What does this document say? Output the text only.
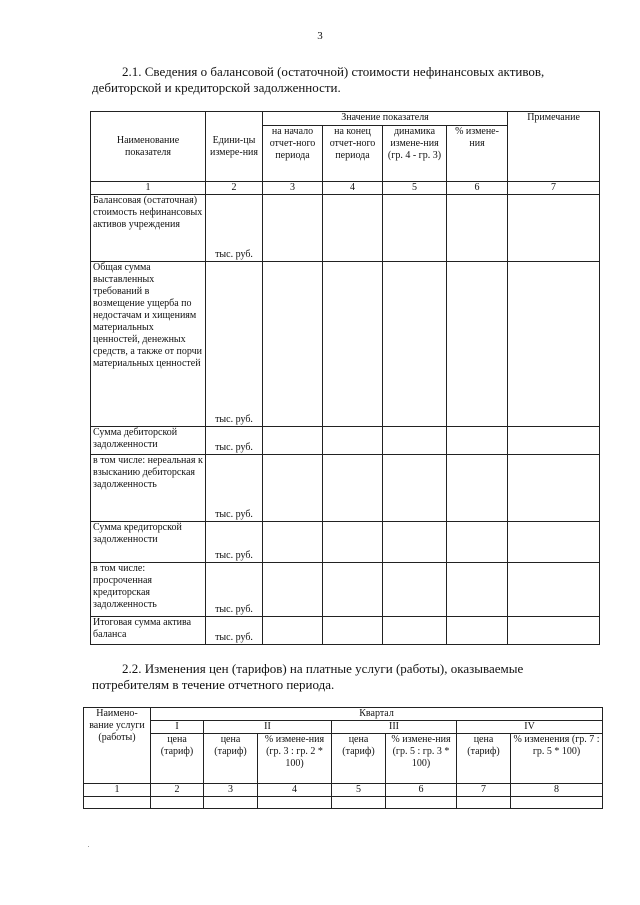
3
2.1. Сведения о балансовой (остаточной) стоимости нефинансовых активов,
дебиторской и кредиторской задолженности.
Наименование показателя	Едини-цы измере-ния	Значение показателя				Примечание
		на начало отчет-ного периода	на конец отчет-ного периода	динамика измене-ния (гр. 4 - гр. 3)	% измене-ния	
1	2	3	4	5	6	7
Балансовая (остаточная) стоимость нефинансовых активов учреждения	тыс. руб.					
Общая сумма выставленных требований в возмещение ущерба по недостачам и хищениям материальных ценностей, денежных средств, а также от порчи материальных ценностей	тыс. руб.					
Сумма дебиторской задолженности	тыс. руб.					
в том числе: нереальная к взысканию дебиторская задолженность	тыс. руб.					
Сумма кредиторской задолженности	тыс. руб.					
в том числе: просроченная кредиторская задолженность	тыс. руб.					
Итоговая сумма актива баланса	тыс. руб.					
2.2. Изменения цен (тарифов) на платные услуги (работы), оказываемые
потребителям в течение отчетного периода.
Наимено-вание услуги (работы)	Квартал						
	I	II		III		IV	
	цена (тариф)	цена (тариф)	% измене-ния (гр. 3 : гр. 2 * 100)	цена (тариф)	% измене-ния (гр. 5 : гр. 3 * 100)	цена (тариф)	% изменения (гр. 7 : гр. 5 * 100)
1	2	3	4	5	6	7	8
